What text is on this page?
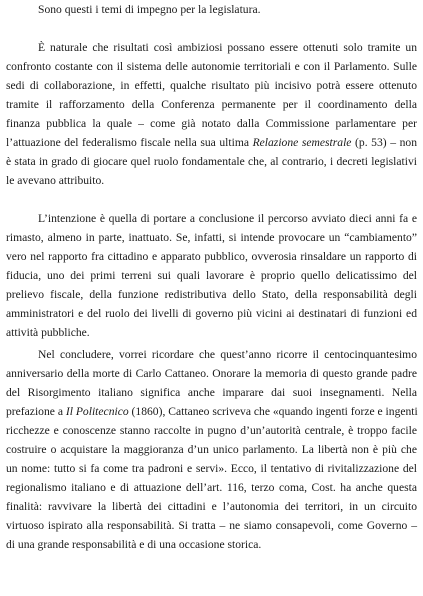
Sono questi i temi di impegno per la legislatura.
È naturale che risultati così ambiziosi possano essere ottenuti solo tramite un
confronto costante con il sistema delle autonomie territoriali e con il Parlamento. Sulle
sedi di collaborazione, in effetti, qualche risultato più incisivo potrà essere ottenuto
tramite il rafforzamento della Conferenza permanente per il coordinamento della
finanza pubblica la quale – come già notato dalla Commissione parlamentare per
l’attuazione del federalismo fiscale nella sua ultima Relazione semestrale (p. 53) – non
è stata in grado di giocare quel ruolo fondamentale che, al contrario, i decreti legislativi
le avevano attribuito.
L’intenzione è quella di portare a conclusione il percorso avviato dieci anni fa e
rimasto, almeno in parte, inattuato. Se, infatti, si intende provocare un “cambiamento”
vero nel rapporto fra cittadino e apparato pubblico, ovverosia rinsaldare un rapporto di
fiducia, uno dei primi terreni sui quali lavorare è proprio quello delicatissimo del
prelievo fiscale, della funzione redistributiva dello Stato, della responsabilità degli
amministratori e del ruolo dei livelli di governo più vicini ai destinatari di funzioni ed
attività pubbliche.
Nel concludere, vorrei ricordare che quest’anno ricorre il centocinquantesimo
anniversario della morte di Carlo Cattaneo. Onorare la memoria di questo grande padre
del Risorgimento italiano significa anche imparare dai suoi insegnamenti. Nella
prefazione a Il Politecnico (1860), Cattaneo scriveva che «quando ingenti forze e ingenti
ricchezze e conoscenze stanno raccolte in pugno d’un’autorità centrale, è troppo facile
costruire o acquistare la maggioranza d’un unico parlamento. La libertà non è più che
un nome: tutto si fa come tra padroni e servi». Ecco, il tentativo di rivitalizzazione del
regionalismo italiano e di attuazione dell’art. 116, terzo coma, Cost. ha anche questa
finalità: ravvivare la libertà dei cittadini e l’autonomia dei territori, in un circuito
virtuoso ispirato alla responsabilità. Si tratta – ne siamo consapevoli, come Governo –
di una grande responsabilità e di una occasione storica.
